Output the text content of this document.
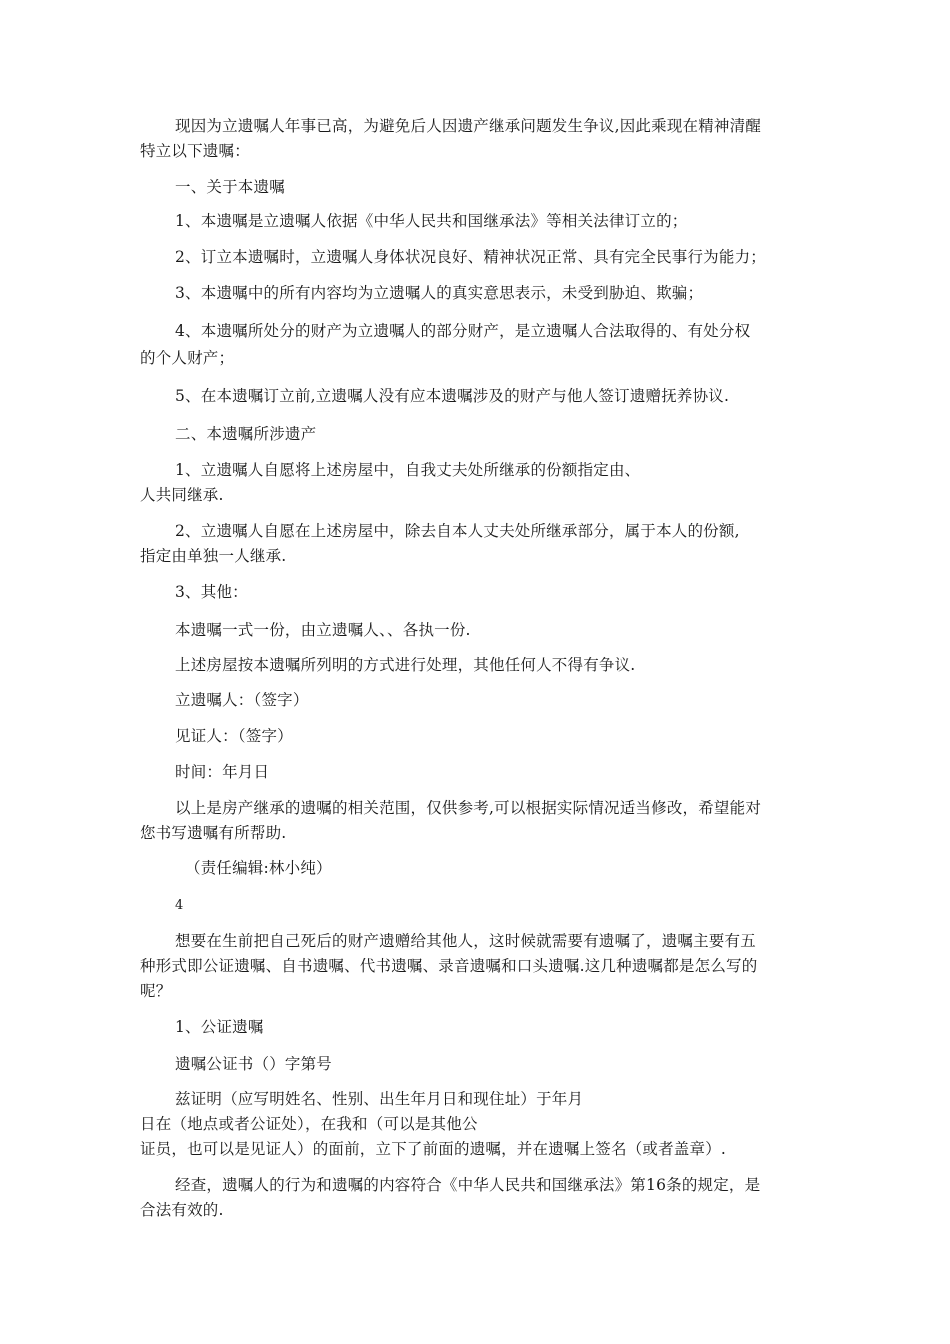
现因为立遗嘱人年事已高，为避免后人因遗产继承问题发生争议,因此乘现在精神清醒

特立以下遗嘱：

一、关于本遗嘱

1、本遗嘱是立遗嘱人依据《中华人民共和国继承法》等相关法律订立的；

2、订立本遗嘱时，立遗嘱人身体状况良好、精神状况正常、具有完全民事行为能力；

3、本遗嘱中的所有内容均为立遗嘱人的真实意思表示，未受到胁迫、欺骗；

4、本遗嘱所处分的财产为立遗嘱人的部分财产，是立遗嘱人合法取得的、有处分权

的个人财产；

5、在本遗嘱订立前,立遗嘱人没有应本遗嘱涉及的财产与他人签订遗赠抚养协议.

二、本遗嘱所涉遗产

1、立遗嘱人自愿将上述房屋中，自我丈夫处所继承的份额指定由、

人共同继承.

2、立遗嘱人自愿在上述房屋中，除去自本人丈夫处所继承部分，属于本人的份额,

指定由单独一人继承.

3、其他：

本遗嘱一式一份，由立遗嘱人、、各执一份.

上述房屋按本遗嘱所列明的方式进行处理，其他任何人不得有争议.

立遗嘱人：（签字）

见证人：（签字）

时间：年月日

以上是房产继承的遗嘱的相关范围，仅供参考,可以根据实际情况适当修改，希望能对

您书写遗嘱有所帮助.

（责任编辑:林小纯）

4

想要在生前把自己死后的财产遗赠给其他人，这时候就需要有遗嘱了，遗嘱主要有五

种形式即公证遗嘱、自书遗嘱、代书遗嘱、录音遗嘱和口头遗嘱.这几种遗嘱都是怎么写的

呢？

1、公证遗嘱

遗嘱公证书（）字第号

兹证明（应写明姓名、性别、出生年月日和现住址）于年月

日在（地点或者公证处），在我和（可以是其他公

证员，也可以是见证人）的面前，立下了前面的遗嘱，并在遗嘱上签名（或者盖章）.

经查，遗嘱人的行为和遗嘱的内容符合《中华人民共和国继承法》第16条的规定，是

合法有效的.
